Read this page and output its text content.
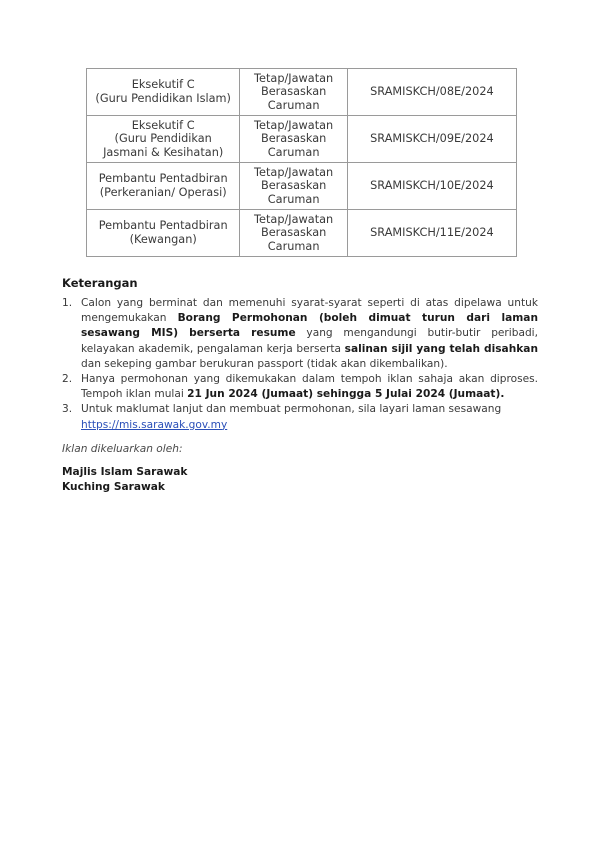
Eksekutif C
(Guru Pendidikan Islam)	Tetap/Jawatan
Berasaskan
Caruman	SRAMISKCH/08E/2024

Eksekutif C
(Guru Pendidikan
Jasmani & Kesihatan)	Tetap/Jawatan
Berasaskan
Caruman	SRAMISKCH/09E/2024

Pembantu Pentadbiran
(Perkeranian/ Operasi)	Tetap/Jawatan
Berasaskan
Caruman	SRAMISKCH/10E/2024

Pembantu Pentadbiran
(Kewangan)	Tetap/Jawatan
Berasaskan
Caruman	SRAMISKCH/11E/2024
Keterangan
1. Calon yang berminat dan memenuhi syarat-syarat seperti di atas dipelawa untuk mengemukakan Borang Permohonan (boleh dimuat turun dari laman sesawang MIS) berserta resume yang mengandungi butir-butir peribadi, kelayakan akademik, pengalaman kerja berserta salinan sijil yang telah disahkan dan sekeping gambar berukuran passport (tidak akan dikembalikan).
2. Hanya permohonan yang dikemukakan dalam tempoh iklan sahaja akan diproses. Tempoh iklan mulai 21 Jun 2024 (Jumaat) sehingga 5 Julai 2024 (Jumaat).
3. Untuk maklumat lanjut dan membuat permohonan, sila layari laman sesawang
https://mis.sarawak.gov.my
Iklan dikeluarkan oleh:
Majlis Islam Sarawak
Kuching Sarawak
